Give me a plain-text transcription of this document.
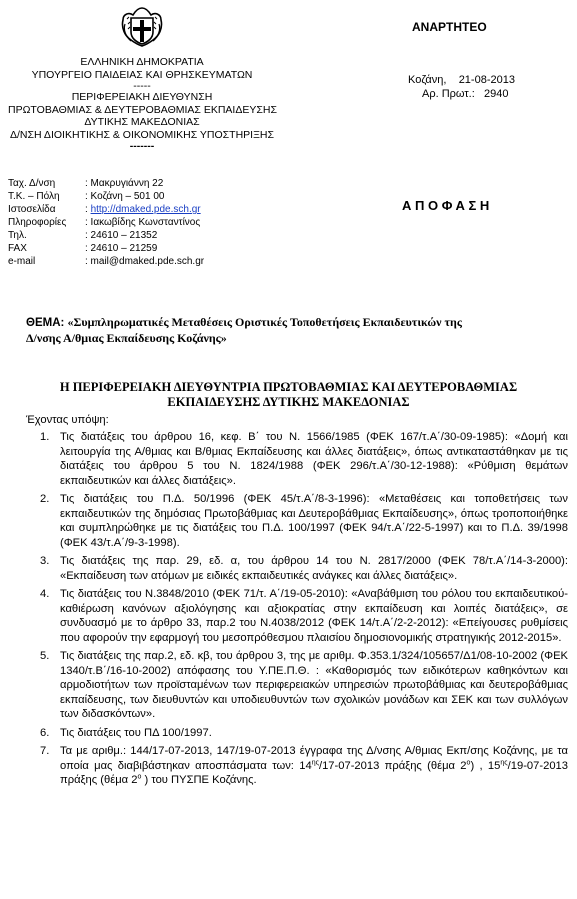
ΑΝΑΡΤΗΤΕΟ
ΕΛΛΗΝΙΚΗ ΔΗΜΟΚΡΑΤΙΑ
ΥΠΟΥΡΓΕΙΟ ΠΑΙΔΕΙΑΣ ΚΑΙ ΘΡΗΣΚΕΥΜΑΤΩΝ
-----
ΠΕΡΙΦΕΡΕΙΑΚΗ ΔΙΕΥΘΥΝΣΗ
ΠΡΩΤΟΒΑΘΜΙΑΣ & ΔΕΥΤΕΡΟΒΑΘΜΙΑΣ ΕΚΠΑΙΔΕΥΣΗΣ
ΔΥΤΙΚΗΣ ΜΑΚΕΔΟΝΙΑΣ
Δ/ΝΣΗ ΔΙΟΙΚΗΤΙΚΗΣ & ΟΙΚΟΝΟΜΙΚΗΣ ΥΠΟΣΤΗΡΙΞΗΣ
-------
Κοζάνη,    21-08-2013
Αρ. Πρωτ.:   2940
Ταχ. Δ/νση	: Μακρυγιάννη 22
Τ.Κ. – Πόλη	: Κοζάνη – 501 00
Ιστοσελίδα	: http://dmaked.pde.sch.gr
Πληροφορίες : Ιακωβίδης Κωνσταντίνος
Τηλ.	: 24610 – 21352
FAX	: 24610 – 21259
e-mail	: mail@dmaked.pde.sch.gr
Α Π Ο Φ Α Σ Η
ΘΕΜΑ: «Συμπληρωματικές Μεταθέσεις Οριστικές Τοποθετήσεις Εκπαιδευτικών της
Δ/νσης Α/θμιας Εκπαίδευσης Κοζάνης»
Η ΠΕΡΙΦΕΡΕΙΑΚΗ ΔΙΕΥΘΥΝΤΡΙΑ ΠΡΩΤΟΒΑΘΜΙΑΣ ΚΑΙ ΔΕΥΤΕΡΟΒΑΘΜΙΑΣ
ΕΚΠΑΙΔΕΥΣΗΣ ΔΥΤΙΚΗΣ ΜΑΚΕΔΟΝΙΑΣ
Έχοντας υπόψη:
1. Τις διατάξεις του άρθρου 16, κεφ. Β΄ του Ν. 1566/1985 (ΦΕΚ 167/τ.Α΄/30-09-1985): «Δομή και λειτουργία της Α/θμιας και Β/θμιας Εκπαίδευσης και άλλες διατάξεις», όπως αντικαταστάθηκαν με τις διατάξεις του άρθρου 5 του Ν. 1824/1988 (ΦΕΚ 296/τ.Α΄/30-12-1988): «Ρύθμιση θεμάτων εκπαιδευτικών και άλλες διατάξεις».
2. Τις διατάξεις του Π.Δ. 50/1996 (ΦΕΚ 45/τ.Α΄/8-3-1996): «Μεταθέσεις και τοποθετήσεις των εκπαιδευτικών της δημόσιας Πρωτοβάθμιας και Δευτεροβάθμιας Εκπαίδευσης», όπως τροποποιήθηκε και συμπληρώθηκε με τις διατάξεις του Π.Δ. 100/1997 (ΦΕΚ 94/τ.Α΄/22-5-1997) και το Π.Δ. 39/1998 (ΦΕΚ 43/τ.Α΄/9-3-1998).
3. Τις διατάξεις της παρ. 29, εδ. α, του άρθρου 14 του Ν. 2817/2000 (ΦΕΚ 78/τ.Α΄/14-3-2000): «Εκπαίδευση των ατόμων με ειδικές εκπαιδευτικές ανάγκες και άλλες διατάξεις».
4. Τις διατάξεις του Ν.3848/2010 (ΦΕΚ 71/τ. Α΄/19-05-2010): «Αναβάθμιση του ρόλου του εκπαιδευτικού-καθιέρωση κανόνων αξιολόγησης και αξιοκρατίας στην εκπαίδευση και λοιπές διατάξεις», σε συνδυασμό με το άρθρο 33, παρ.2 του Ν.4038/2012 (ΦΕΚ 14/τ.Α΄/2-2-2012): «Επείγουσες ρυθμίσεις που αφορούν την εφαρμογή του μεσοπρόθεσμου πλαισίου δημοσιονομικής στρατηγικής 2012-2015».
5. Τις διατάξεις της παρ.2, εδ. κβ, του άρθρου 3, της με αριθμ. Φ.353.1/324/105657/Δ1/08-10-2002 (ΦΕΚ 1340/τ.Β΄/16-10-2002) απόφασης του Υ.ΠΕ.Π.Θ. : «Καθορισμός των ειδικότερων καθηκόντων και αρμοδιοτήτων των προϊσταμένων των περιφερειακών υπηρεσιών πρωτοβάθμιας και δευτεροβάθμιας εκπαίδευσης, των διευθυντών και υποδιευθυντών των σχολικών μονάδων και ΣΕΚ και των συλλόγων των διδασκόντων».
6. Τις διατάξεις του ΠΔ 100/1997.
7. Τα με αριθμ.: 144/17-07-2013, 147/19-07-2013 έγγραφα της Δ/νσης Α/θμιας Εκπ/σης Κοζάνης, με τα οποία μας διαβιβάστηκαν αποσπάσματα των: $14^{\eta\varsigma}/17-07-2013$ πράξης (θέμα $2^o$) , $15^{\eta\varsigma}/19-07-2013$ πράξης (θέμα $2^o$ ) του ΠΥΣΠΕ Κοζάνης.
